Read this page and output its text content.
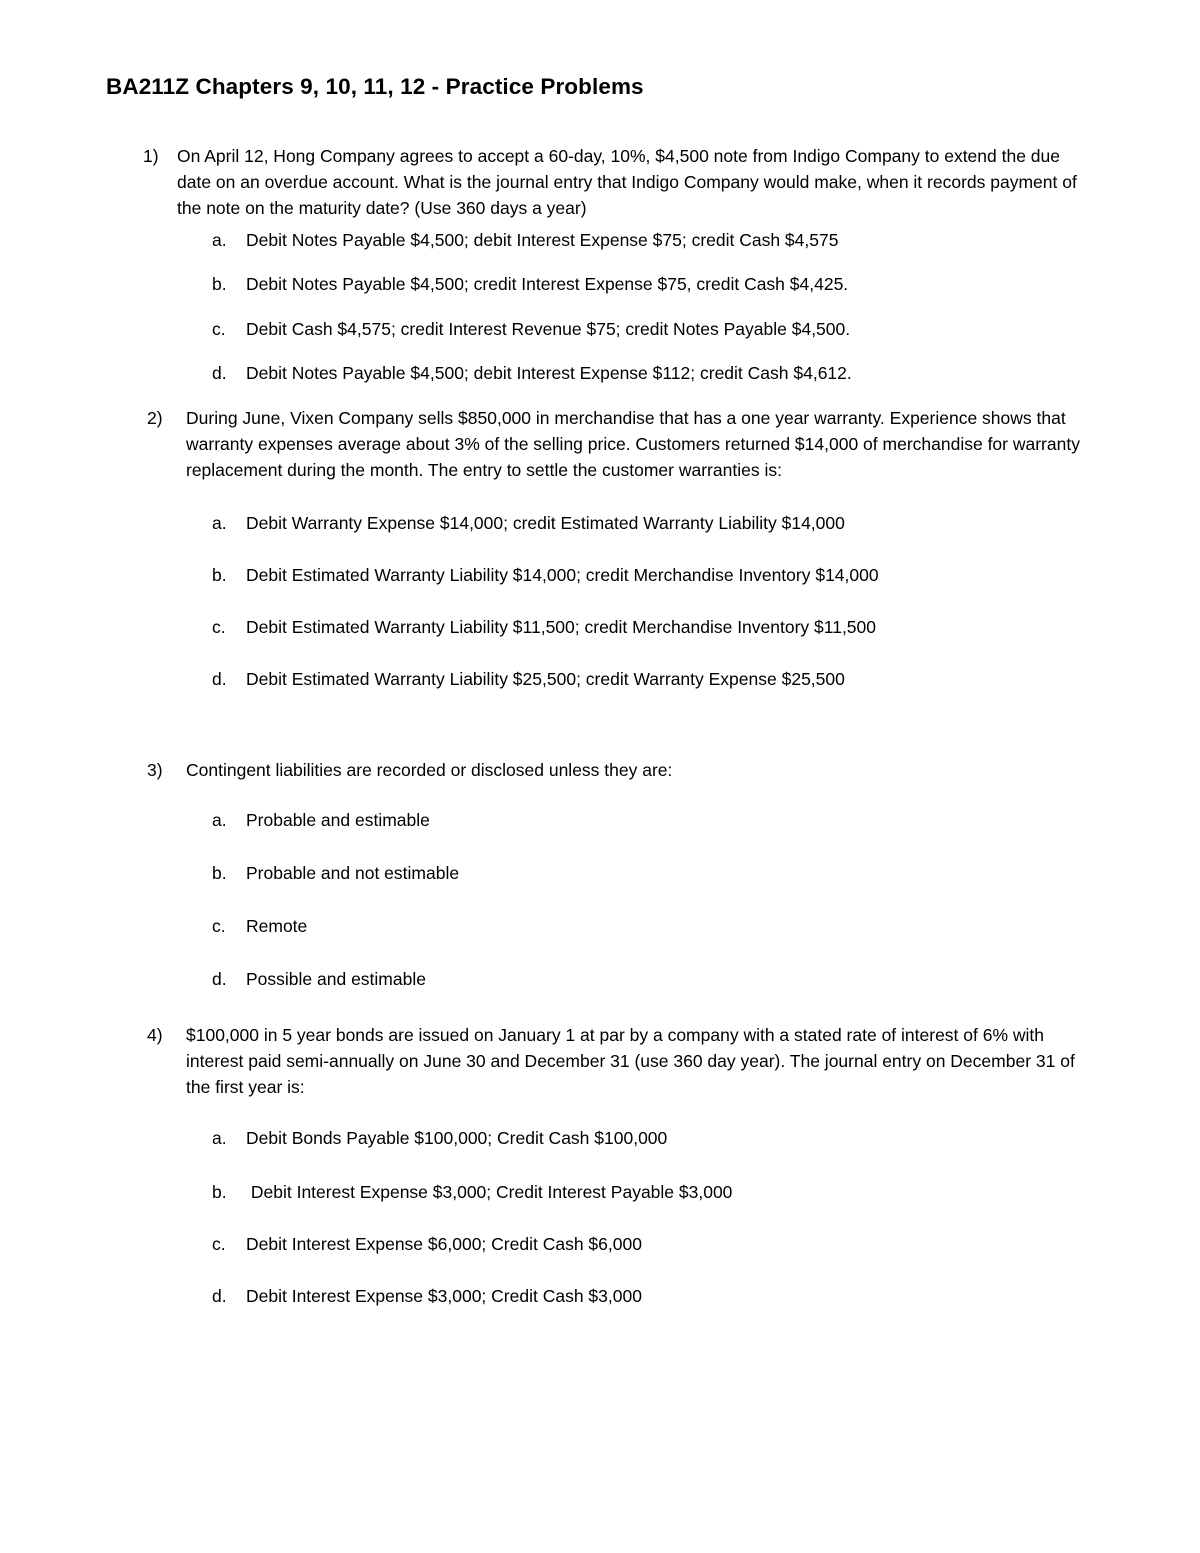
BA211Z Chapters 9, 10, 11, 12 - Practice Problems
1) On April 12, Hong Company agrees to accept a 60-day, 10%, $4,500 note from Indigo Company to extend the due date on an overdue account. What is the journal entry that Indigo Company would make, when it records payment of the note on the maturity date? (Use 360 days a year)
a. Debit Notes Payable $4,500; debit Interest Expense $75; credit Cash $4,575
b. Debit Notes Payable $4,500; credit Interest Expense $75, credit Cash $4,425.
c. Debit Cash $4,575; credit Interest Revenue $75; credit Notes Payable $4,500.
d. Debit Notes Payable $4,500; debit Interest Expense $112; credit Cash $4,612.
2) During June, Vixen Company sells $850,000 in merchandise that has a one year warranty. Experience shows that warranty expenses average about 3% of the selling price. Customers returned $14,000 of merchandise for warranty replacement during the month. The entry to settle the customer warranties is:
a. Debit Warranty Expense $14,000; credit Estimated Warranty Liability $14,000
b. Debit Estimated Warranty Liability $14,000; credit Merchandise Inventory $14,000
c. Debit Estimated Warranty Liability $11,500; credit Merchandise Inventory $11,500
d. Debit Estimated Warranty Liability $25,500; credit Warranty Expense $25,500
3) Contingent liabilities are recorded or disclosed unless they are:
a. Probable and estimable
b. Probable and not estimable
c. Remote
d. Possible and estimable
4) $100,000 in 5 year bonds are issued on January 1 at par by a company with a stated rate of interest of 6% with interest paid semi-annually on June 30 and December 31 (use 360 day year). The journal entry on December 31 of the first year is:
a. Debit Bonds Payable $100,000; Credit Cash $100,000
b. Debit Interest Expense $3,000; Credit Interest Payable $3,000
c. Debit Interest Expense $6,000; Credit Cash $6,000
d. Debit Interest Expense $3,000; Credit Cash $3,000
